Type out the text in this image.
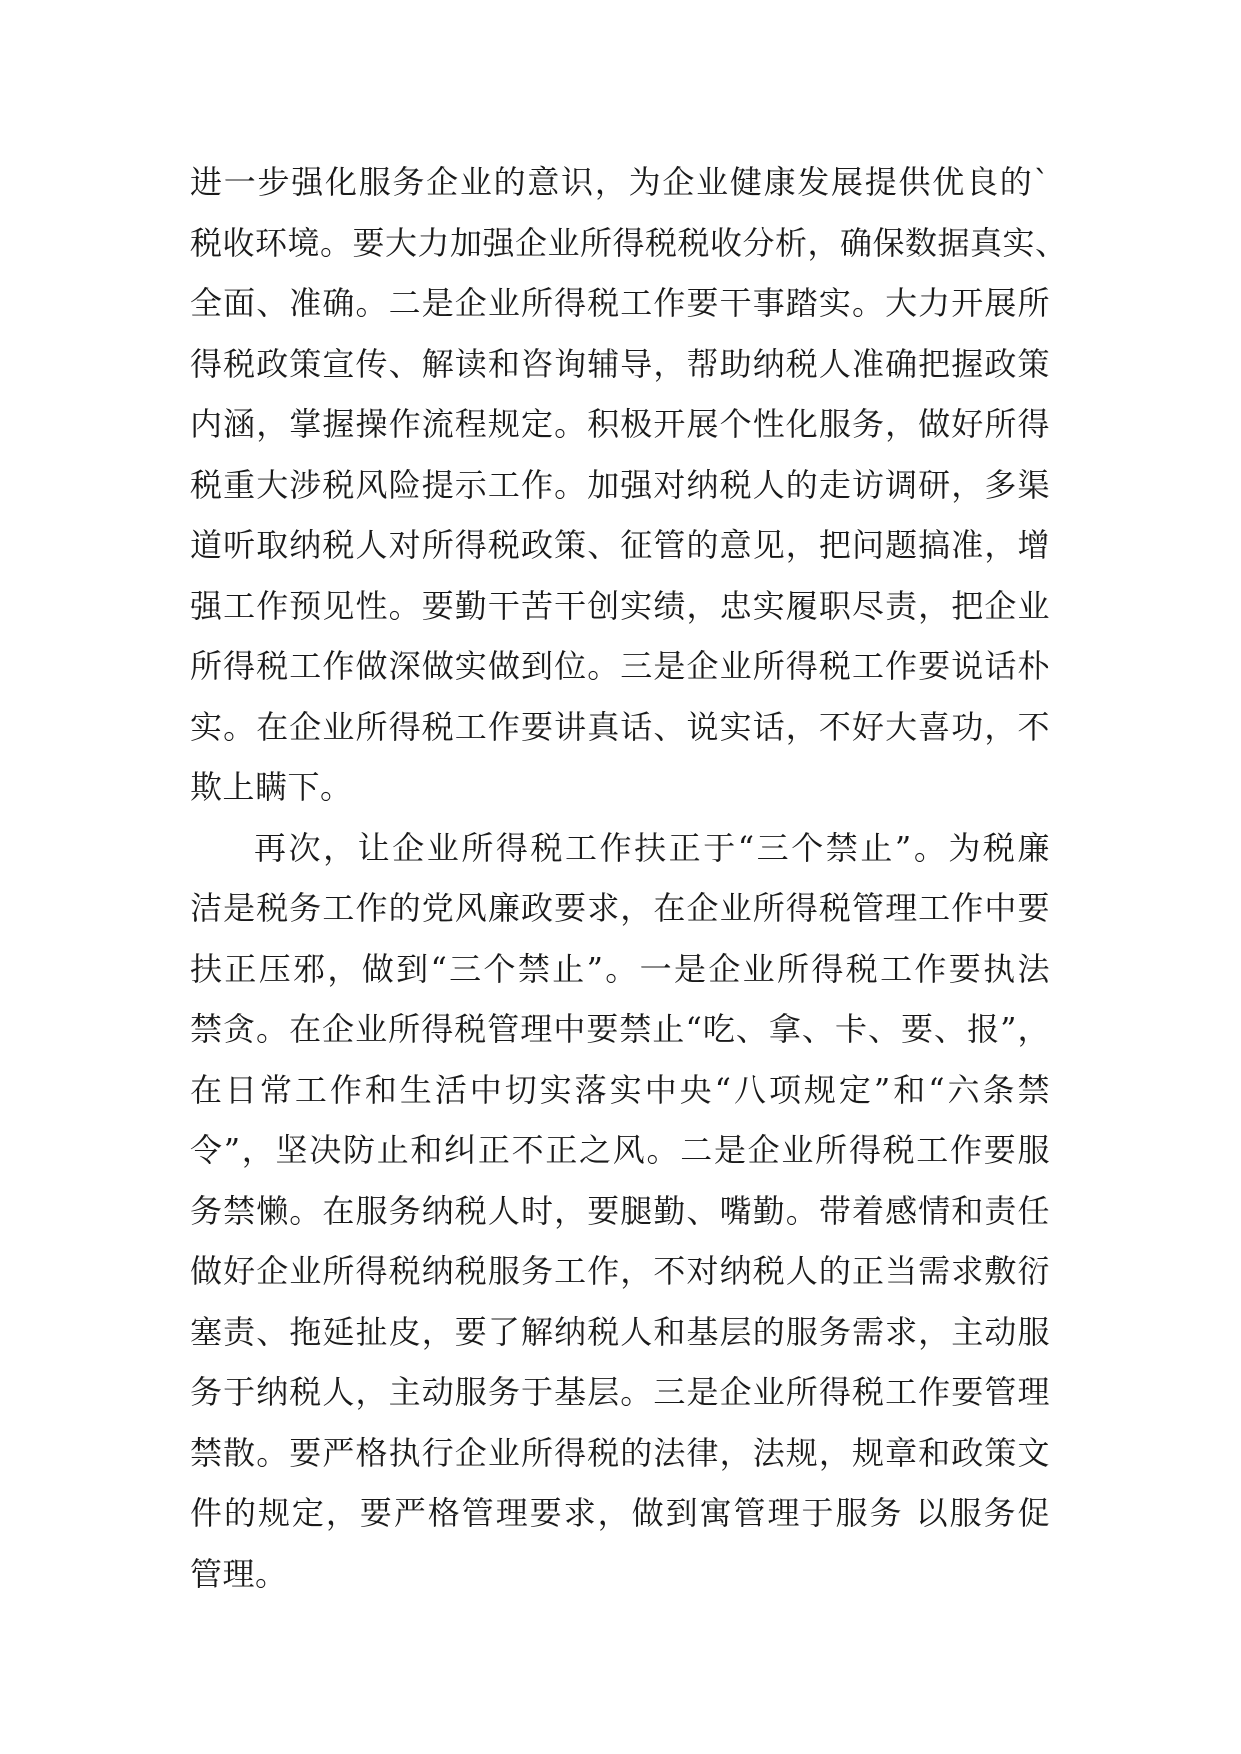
进一步强化服务企业的意识，为企业健康发展提供优良的`
税收环境。要大力加强企业所得税税收分析，确保数据真实、
全面、准确。二是企业所得税工作要干事踏实。大力开展所
得税政策宣传、解读和咨询辅导，帮助纳税人准确把握政策
内涵，掌握操作流程规定。积极开展个性化服务，做好所得
税重大涉税风险提示工作。加强对纳税人的走访调研，多渠
道听取纳税人对所得税政策、征管的意见，把问题搞准，增
强工作预见性。要勤干苦干创实绩，忠实履职尽责，把企业
所得税工作做深做实做到位。三是企业所得税工作要说话朴
实。在企业所得税工作要讲真话、说实话，不好大喜功，不
欺上瞒下。
再次，让企业所得税工作扶正于“三个禁止”。为税廉
洁是税务工作的党风廉政要求，在企业所得税管理工作中要
扶正压邪，做到“三个禁止”。一是企业所得税工作要执法
禁贪。在企业所得税管理中要禁止“吃、拿、卡、要、报”，
在日常工作和生活中切实落实中央“八项规定”和“六条禁
令”，坚决防止和纠正不正之风。二是企业所得税工作要服
务禁懒。在服务纳税人时，要腿勤、嘴勤。带着感情和责任
做好企业所得税纳税服务工作，不对纳税人的正当需求敷衍
塞责、拖延扯皮，要了解纳税人和基层的服务需求，主动服
务于纳税人，主动服务于基层。三是企业所得税工作要管理
禁散。要严格执行企业所得税的法律，法规，规章和政策文
件的规定，要严格管理要求，做到寓管理于服务 以服务促
管理。
